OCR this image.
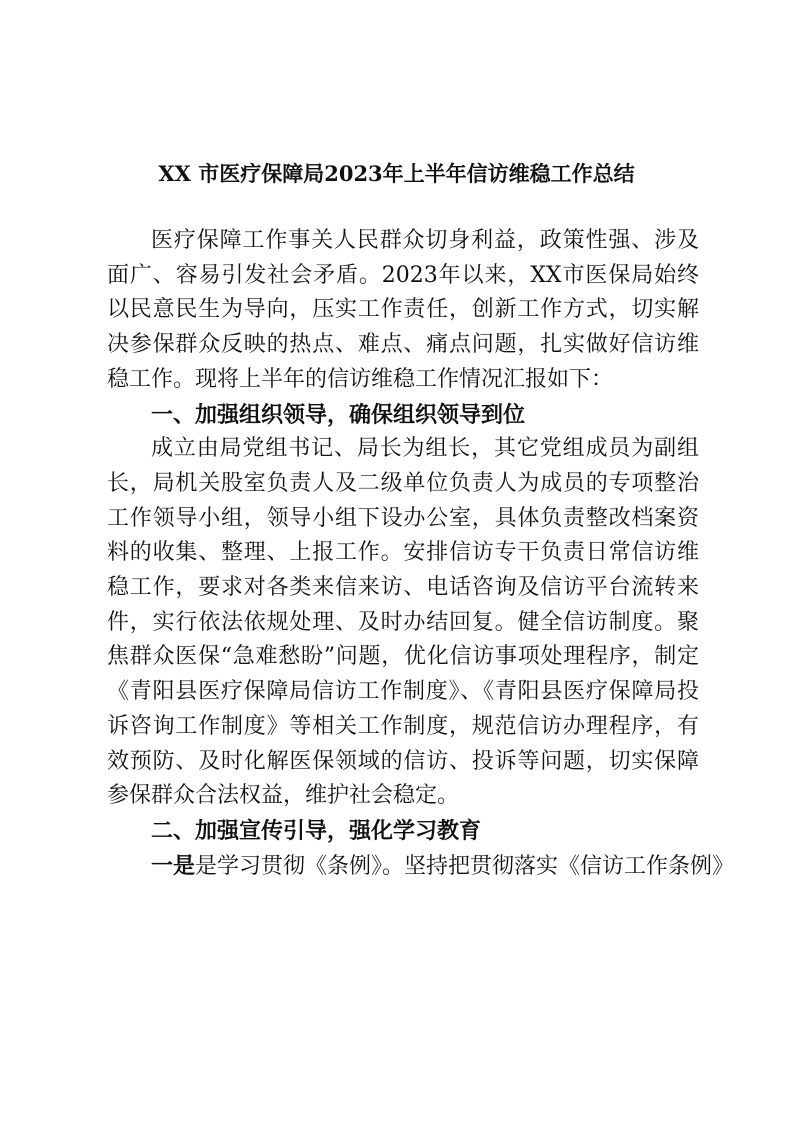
XX 市医疗保障局2023年上半年信访维稳工作总结

医疗保障工作事关人民群众切身利益，政策性强、涉及面广、容易引发社会矛盾。2023年以来，XX市医保局始终以民意民生为导向，压实工作责任，创新工作方式，切实解决参保群众反映的热点、难点、痛点问题，扎实做好信访维稳工作。现将上半年的信访维稳工作情况汇报如下：

一、加强组织领导，确保组织领导到位

成立由局党组书记、局长为组长，其它党组成员为副组长，局机关股室负责人及二级单位负责人为成员的专项整治工作领导小组，领导小组下设办公室，具体负责整改档案资料的收集、整理、上报工作。安排信访专干负责日常信访维稳工作，要求对各类来信来访、电话咨询及信访平台流转来件，实行依法依规处理、及时办结回复。健全信访制度。聚焦群众医保“急难愁盼”问题，优化信访事项处理程序，制定《青阳县医疗保障局信访工作制度》、《青阳县医疗保障局投诉咨询工作制度》等相关工作制度，规范信访办理程序，有效预防、及时化解医保领域的信访、投诉等问题，切实保障参保群众合法权益，维护社会稳定。

二、加强宣传引导，强化学习教育

一是是学习贯彻《条例》。坚持把贯彻落实《信访工作条例》
